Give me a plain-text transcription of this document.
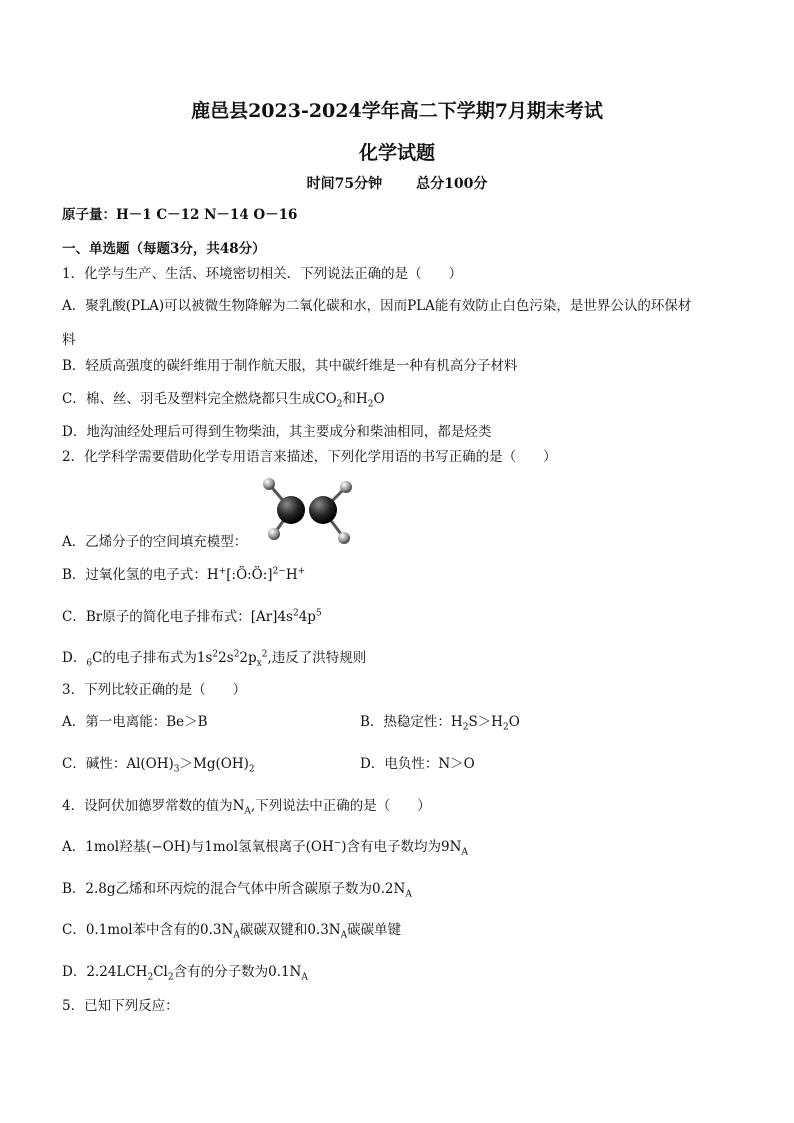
鹿邑县2023-2024学年高二下学期7月期末考试
化学试题
时间75分钟 总分100分
原子量：H－1 C－12 N－14 O－16
一、单选题（每题3分，共48分）
1．化学与生产、生活、环境密切相关．下列说法正确的是（　　）
A．聚乳酸(PLA)可以被微生物降解为二氧化碳和水，因而PLA能有效防止白色污染，是世界公认的环保材
料
B．轻质高强度的碳纤维用于制作航天服，其中碳纤维是一种有机高分子材料
C．棉、丝、羽毛及塑料完全燃烧都只生成$CO_2$和$H_2O$
D．地沟油经处理后可得到生物柴油，其主要成分和柴油相同，都是烃类
2．化学科学需要借助化学专用语言来描述，下列化学用语的书写正确的是（　　）
A．乙烯分子的空间填充模型：
B．过氧化氢的电子式：H+[:Ö:Ö:]$^{2-}$H+
C．Br原子的简化电子排布式：$[Ar]4s^24p^5$
D．$_6$C的电子排布式为$1s^22s^22p_x^2$,违反了洪特规则
3．下列比较正确的是（　　）
A．第一电离能：Be＞B	B．热稳定性：$H_2S>H_2O$
C．碱性：$Al(OH)_3>Mg(OH)_2$	D．电负性：N＞O
4．设阿伏加德罗常数的值为$N_A$,下列说法中正确的是（　　）
A．1mol羟基(−OH)与1mol氢氧根离子(OH−)含有电子数均为$9N_A$
B．2.8g乙烯和环丙烷的混合气体中所含碳原子数为$0.2N_A$
C．0.1mol苯中含有的$0.3N_A$碳碳双键和$0.3N_A$碳碳单键
D．$2.24LCH_2Cl_2$含有的分子数为$0.1N_A$
5．已知下列反应：
